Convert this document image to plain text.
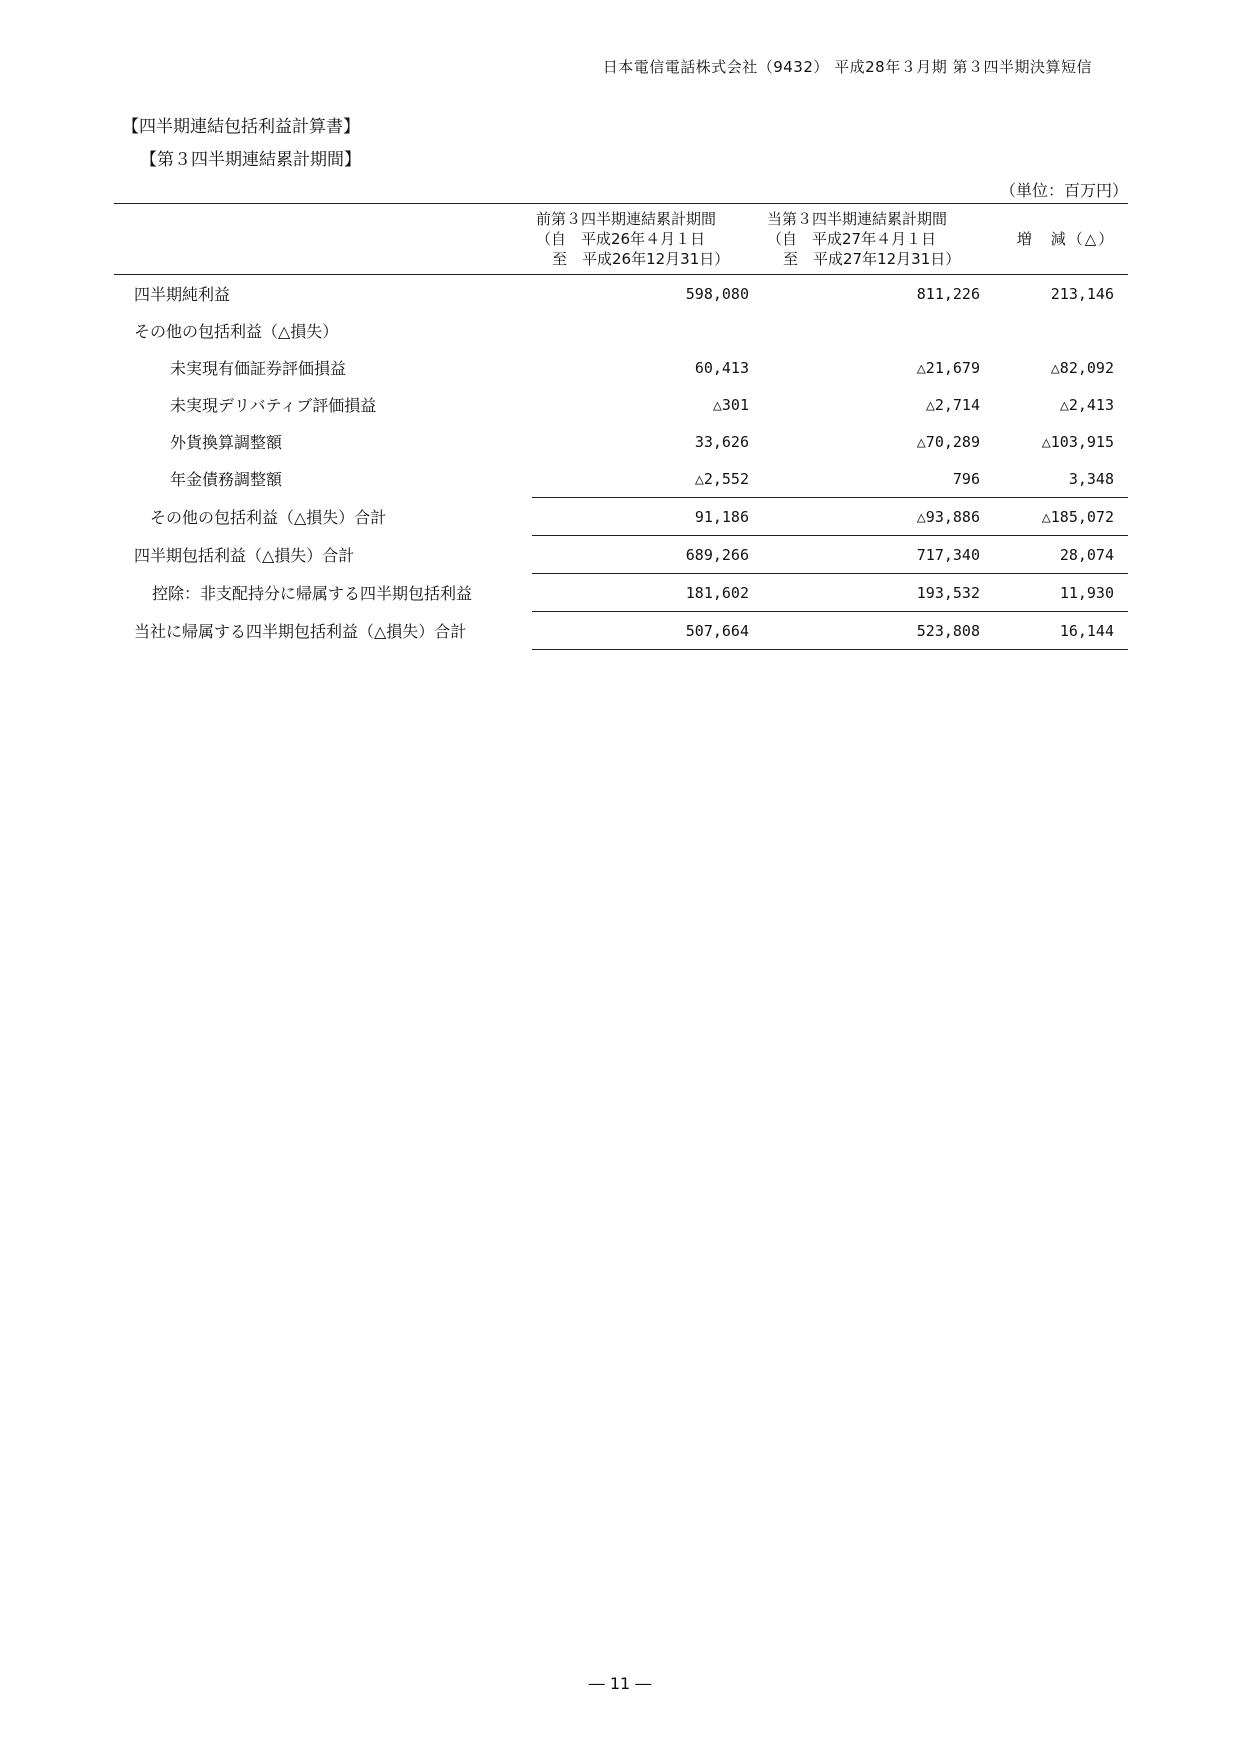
日本電信電話株式会社（9432） 平成28年３月期 第３四半期決算短信
【四半期連結包括利益計算書】
【第３四半期連結累計期間】
（単位：百万円）

	前第３四半期連結累計期間
（自　平成26年４月１日
至　平成26年12月31日）	当第３四半期連結累計期間
（自　平成27年４月１日
至　平成27年12月31日）	増　減（△）

四半期純利益	598,080	811,226	213,146
その他の包括利益（△損失）			
未実現有価証券評価損益	60,413	△21,679	△82,092
未実現デリバティブ評価損益	△301	△2,714	△2,413
外貨換算調整額	33,626	△70,289	△103,915
年金債務調整額	△2,552	796	3,348
その他の包括利益（△損失）合計	91,186	△93,886	△185,072
四半期包括利益（△損失）合計	689,266	717,340	28,074
控除：非支配持分に帰属する四半期包括利益	181,602	193,532	11,930
当社に帰属する四半期包括利益（△損失）合計	507,664	523,808	16,144
― 11 ―
